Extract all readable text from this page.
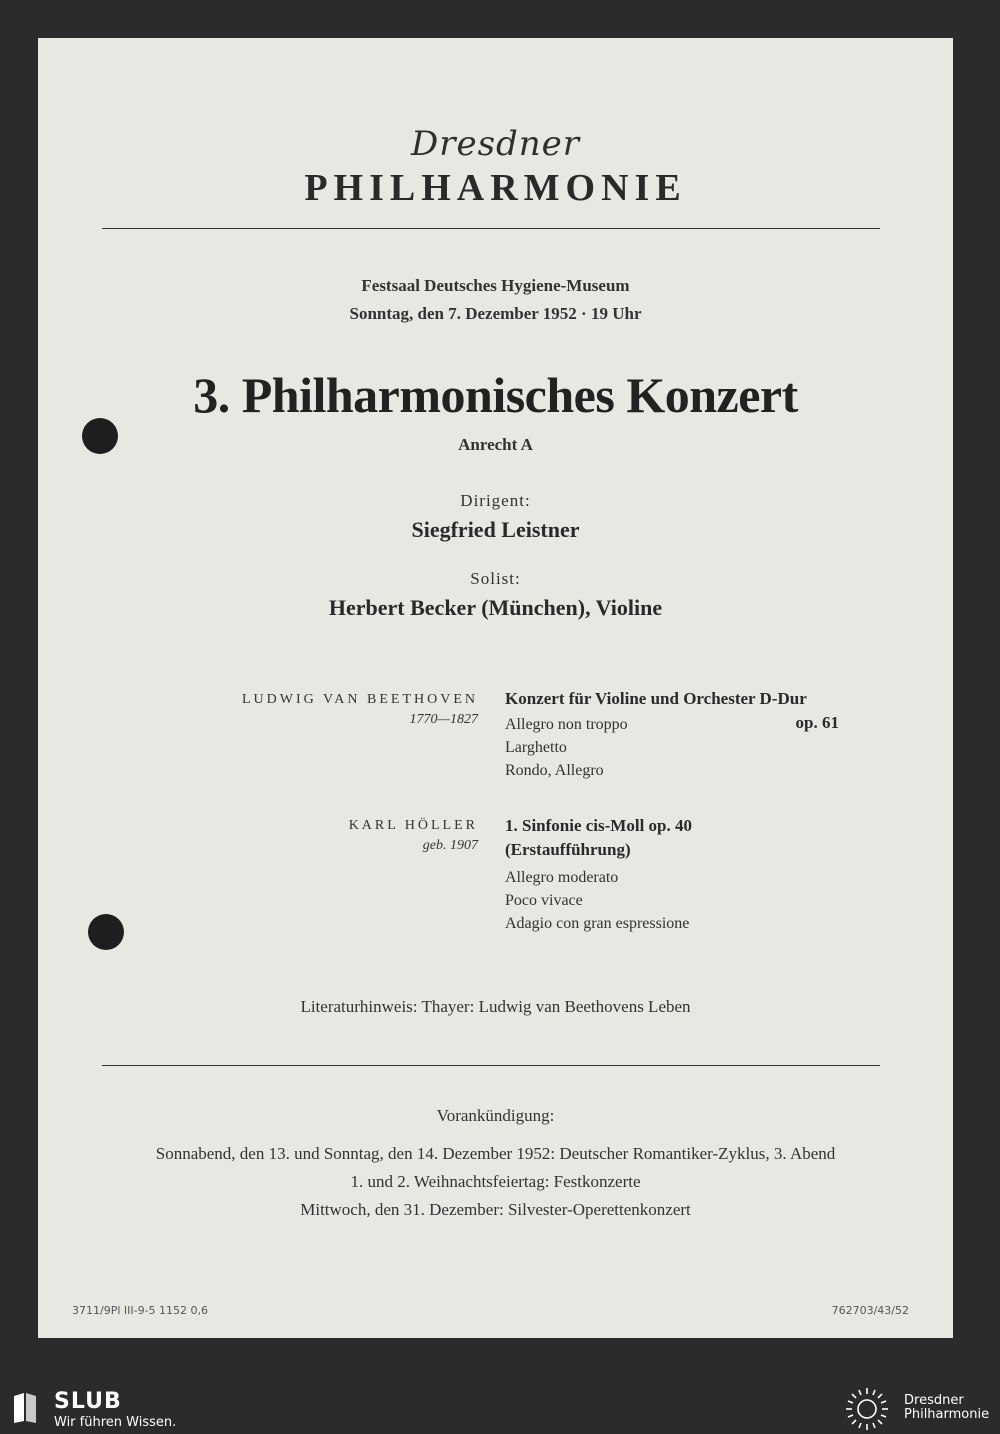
Dresdner
PHILHARMONIE
Festsaal Deutsches Hygiene-Museum
Sonntag, den 7. Dezember 1952 · 19 Uhr
3. Philharmonisches Konzert
Anrecht A
Dirigent:
Siegfried Leistner
Solist:
Herbert Becker (München), Violine
LUDWIG VAN BEETHOVEN
1770—1827
Konzert für Violine und Orchester D-Dur
Allegro non troppo
Larghetto
Rondo, Allegro
op. 61
KARL HÖLLER
geb. 1907
1. Sinfonie cis-Moll op. 40
(Erstaufführung)
Allegro moderato
Poco vivace
Adagio con gran espressione
Literaturhinweis: Thayer: Ludwig van Beethovens Leben
Vorankündigung:
Sonnabend, den 13. und Sonntag, den 14. Dezember 1952: Deutscher Romantiker-Zyklus, 3. Abend
1. und 2. Weihnachtsfeiertag: Festkonzerte
Mittwoch, den 31. Dezember: Silvester-Operettenkonzert
3711/9Pl III-9-5 1152 0,6	762703/43/52
SLUB
Wir führen Wissen.
Dresdner
Philharmonie
